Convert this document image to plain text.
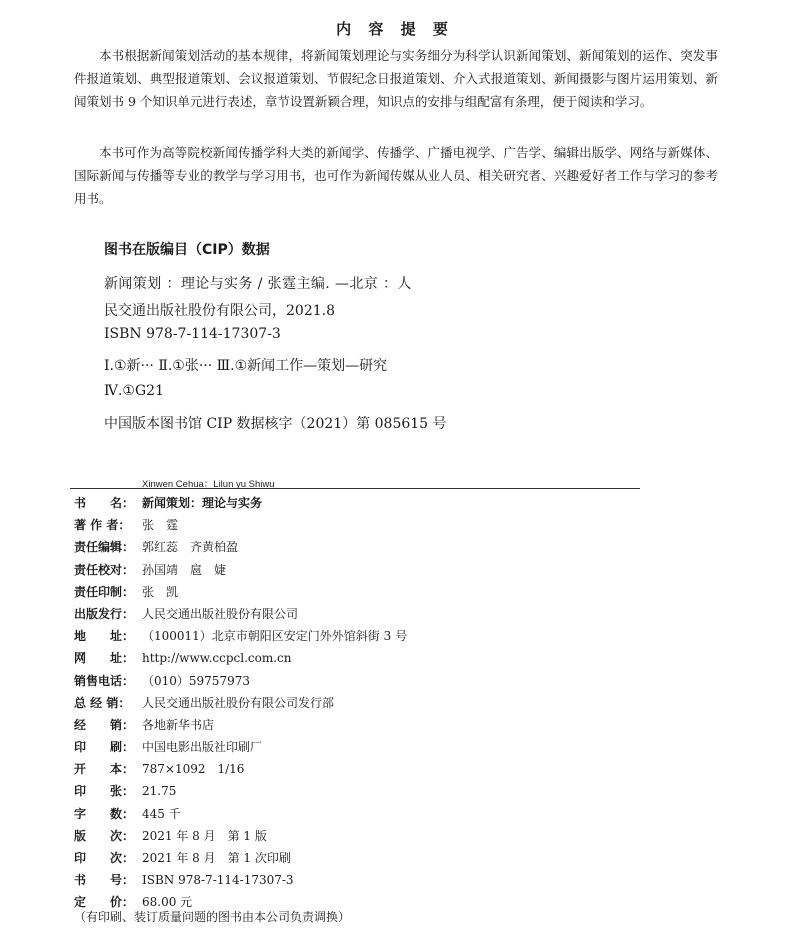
内 容 提 要
本书根据新闻策划活动的基本规律，将新闻策划理论与实务细分为科学认识新闻策划、新闻策划的运作、突发事件报道策划、典型报道策划、会议报道策划、节假纪念日报道策划、介入式报道策划、新闻摄影与图片运用策划、新闻策划书 9 个知识单元进行表述，章节设置新颖合理，知识点的安排与组配富有条理，便于阅读和学习。
本书可作为高等院校新闻传播学科大类的新闻学、传播学、广播电视学、广告学、编辑出版学、网络与新媒体、国际新闻与传播等专业的教学与学习用书，也可作为新闻传媒从业人员、相关研究者、兴趣爱好者工作与学习的参考用书。
图书在版编目（CIP）数据
新闻策划 ：理论与实务 / 张霆主编. —北京 ：人
民交通出版社股份有限公司，2021.8
ISBN 978-7-114-17307-3
Ⅰ.①新··· Ⅱ.①张··· Ⅲ.①新闻工作—策划—研究
Ⅳ.①G21
中国版本图书馆 CIP 数据核字（2021）第 085615 号
Xinwen Cehua：Lilun yu Shiwu
书　　名： 新闻策划：理论与实务
著 作 者： 张　霆
责任编辑： 郭红蕊　齐黄柏盈
责任校对： 孙国靖　扈　婕
责任印制： 张　凯
出版发行： 人民交通出版社股份有限公司
地　　址： （100011）北京市朝阳区安定门外外馆斜街 3 号
网　　址： http://www.ccpcl.com.cn
销售电话： （010）59757973
总 经 销： 人民交通出版社股份有限公司发行部
经　　销： 各地新华书店
印　　刷： 中国电影出版社印刷厂
开　　本： 787×1092　1/16
印　　张： 21.75
字　　数： 445 千
版　　次： 2021 年 8 月　第 1 版
印　　次： 2021 年 8 月　第 1 次印刷
书　　号： ISBN 978-7-114-17307-3
定　　价： 68.00 元
（有印刷、装订质量问题的图书由本公司负责调换）
